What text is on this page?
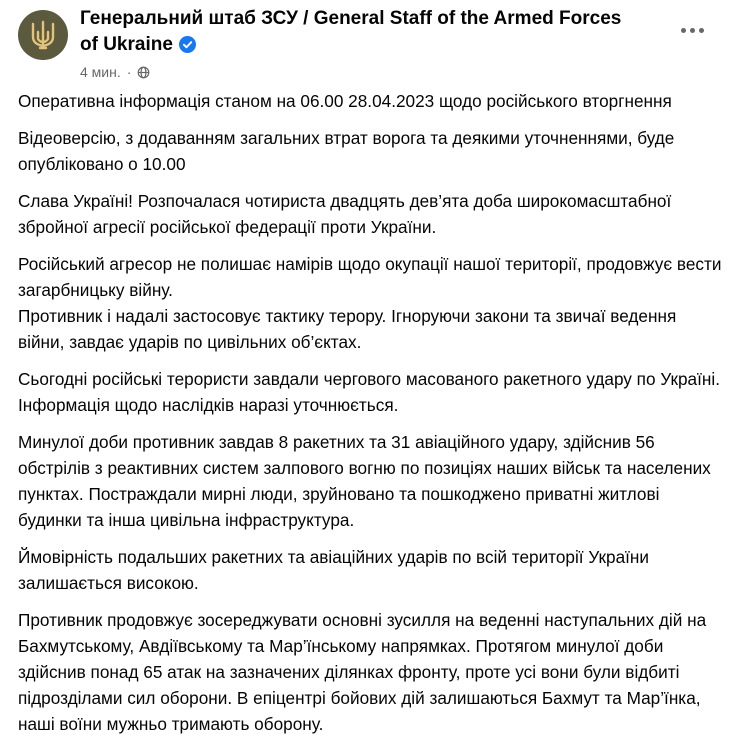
Генеральний штаб ЗСУ / General Staff of the Armed Forces of Ukraine
4 мин. ·

Оперативна інформація станом на 06.00 28.04.2023 щодо російського вторгнення

Відеоверсію, з додаванням загальних втрат ворога та деякими уточненнями, буде опубліковано о 10.00

Слава Україні! Розпочалася чотириста двадцять дев’ята доба широкомасштабної збройної агресії російської федерації проти України.

Російський агресор не полишає намірів щодо окупації нашої території, продовжує вести загарбницьку війну.

Противник і надалі застосовує тактику терору. Ігноруючи закони та звичаї ведення війни, завдає ударів по цивільних об’єктах.

Сьогодні російські терористи завдали чергового масованого ракетного удару по Україні. Інформація щодо наслідків наразі уточнюється.

Минулої доби противник завдав 8 ракетних та 31 авіаційного удару, здійснив 56 обстрілів з реактивних систем залпового вогню по позиціях наших військ та населених пунктах. Постраждали мирні люди, зруйновано та пошкоджено приватні житлові будинки та інша цивільна інфраструктура.

Ймовірність подальших ракетних та авіаційних ударів по всій території України залишається високою.

Противник продовжує зосереджувати основні зусилля на веденні наступальних дій на Бахмутському, Авдіївському та Мар’їнському напрямках. Протягом минулої доби здійснив понад 65 атак на зазначених ділянках фронту, проте усі вони були відбиті підрозділами сил оборони. В епіцентрі бойових дій залишаються Бахмут та Мар’їнка, наші воїни мужньо тримають оборону.
